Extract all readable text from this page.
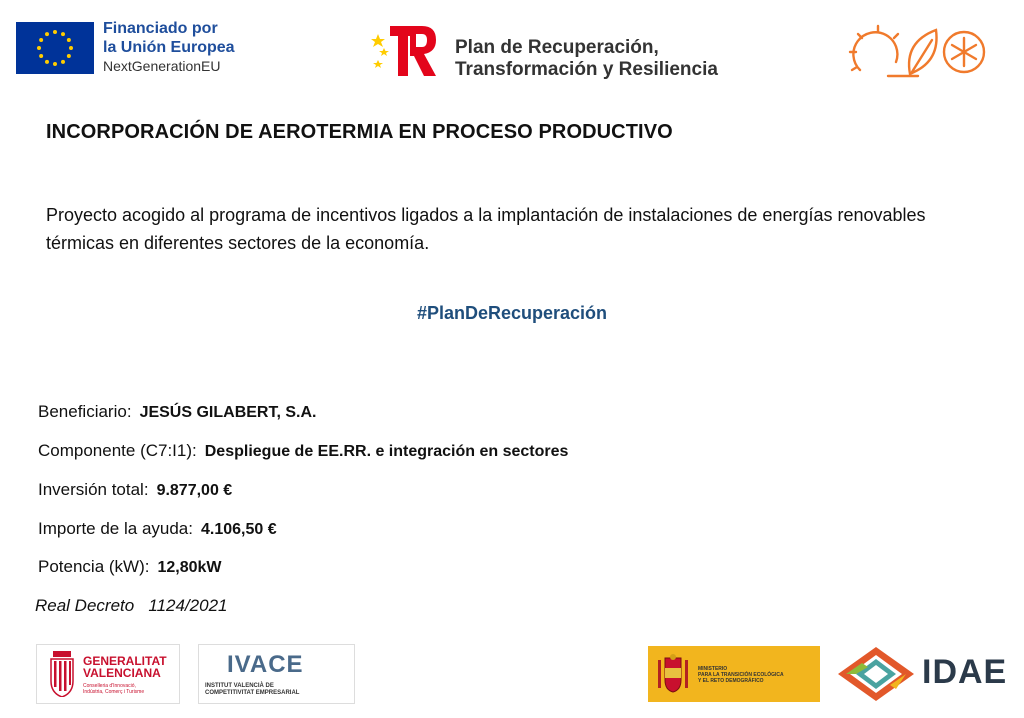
Financiado por
la Unión Europea
NextGenerationEU
Plan de Recuperación,
Transformación y Resiliencia
INCORPORACIÓN DE AEROTERMIA EN PROCESO PRODUCTIVO
Proyecto acogido al programa de incentivos ligados a la implantación de instalaciones de energías renovables térmicas en diferentes sectores de la economía.
#PlanDeRecuperación
Beneficiario: JESÚS GILABERT, S.A.
Componente (C7:I1): Despliegue de EE.RR. e integración en sectores
Inversión total: 9.877,00 €
Importe de la ayuda: 4.106,50 €
Potencia (kW): 12,80kW
Real Decreto   1124/2021
GENERALITAT
VALENCIANA
Conselleria d'Innovació,
Indústria, Comerç i Turisme
IVACE
INSTITUT VALENCIÀ DE
COMPETITIVITAT EMPRESARIAL
MINISTERIO
PARA LA TRANSICIÓN ECOLÓGICA
Y EL RETO DEMOGRÁFICO	IDAE
